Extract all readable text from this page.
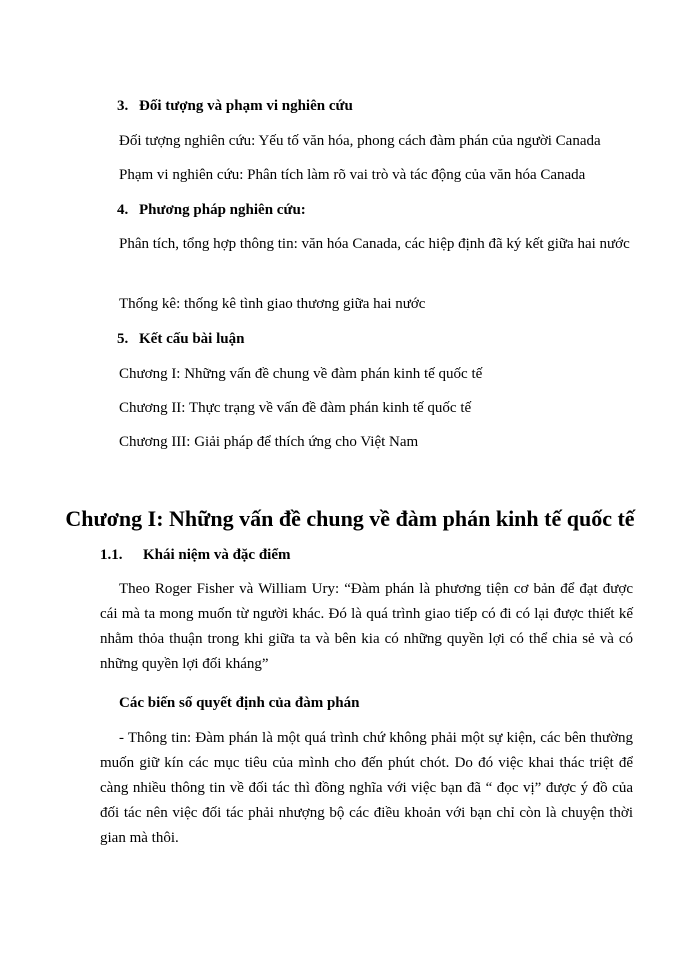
3. Đối tượng và phạm vi nghiên cứu
Đối tượng nghiên cứu: Yếu tố văn hóa, phong cách đàm phán của người Canada
Phạm vi nghiên cứu: Phân tích làm rõ vai trò và tác động của văn hóa Canada
4. Phương pháp nghiên cứu:
Phân tích, tổng hợp thông tin: văn hóa Canada, các hiệp định đã ký kết giữa hai nước
Thống kê: thống kê tình giao thương giữa hai nước
5. Kết cấu bài luận
Chương I: Những vấn đề chung về đàm phán kinh tế quốc tế
Chương II: Thực trạng về vấn đề đàm phán kinh tế quốc tế
Chương III: Giải pháp để thích ứng cho Việt Nam
Chương I: Những vấn đề chung về đàm phán kinh tế quốc tế
1.1. Khái niệm và đặc điểm
Theo Roger Fisher và William Ury: “Đàm phán là phương tiện cơ bản để đạt được cái mà ta mong muốn từ người khác. Đó là quá trình giao tiếp có đi có lại được thiết kế nhằm thỏa thuận trong khi giữa ta và bên kia có những quyền lợi có thể chia sẻ và có những quyền lợi đối kháng”
Các biến số quyết định của đàm phán
- Thông tin: Đàm phán là một quá trình chứ không phải một sự kiện, các bên thường muốn giữ kín các mục tiêu của mình cho đến phút chót. Do đó việc khai thác triệt để càng nhiều thông tin về đối tác thì đồng nghĩa với việc bạn đã “ đọc vị” được ý đồ của đối tác nên việc đối tác phải nhượng bộ các điều khoản với bạn chỉ còn là chuyện thời gian mà thôi.
